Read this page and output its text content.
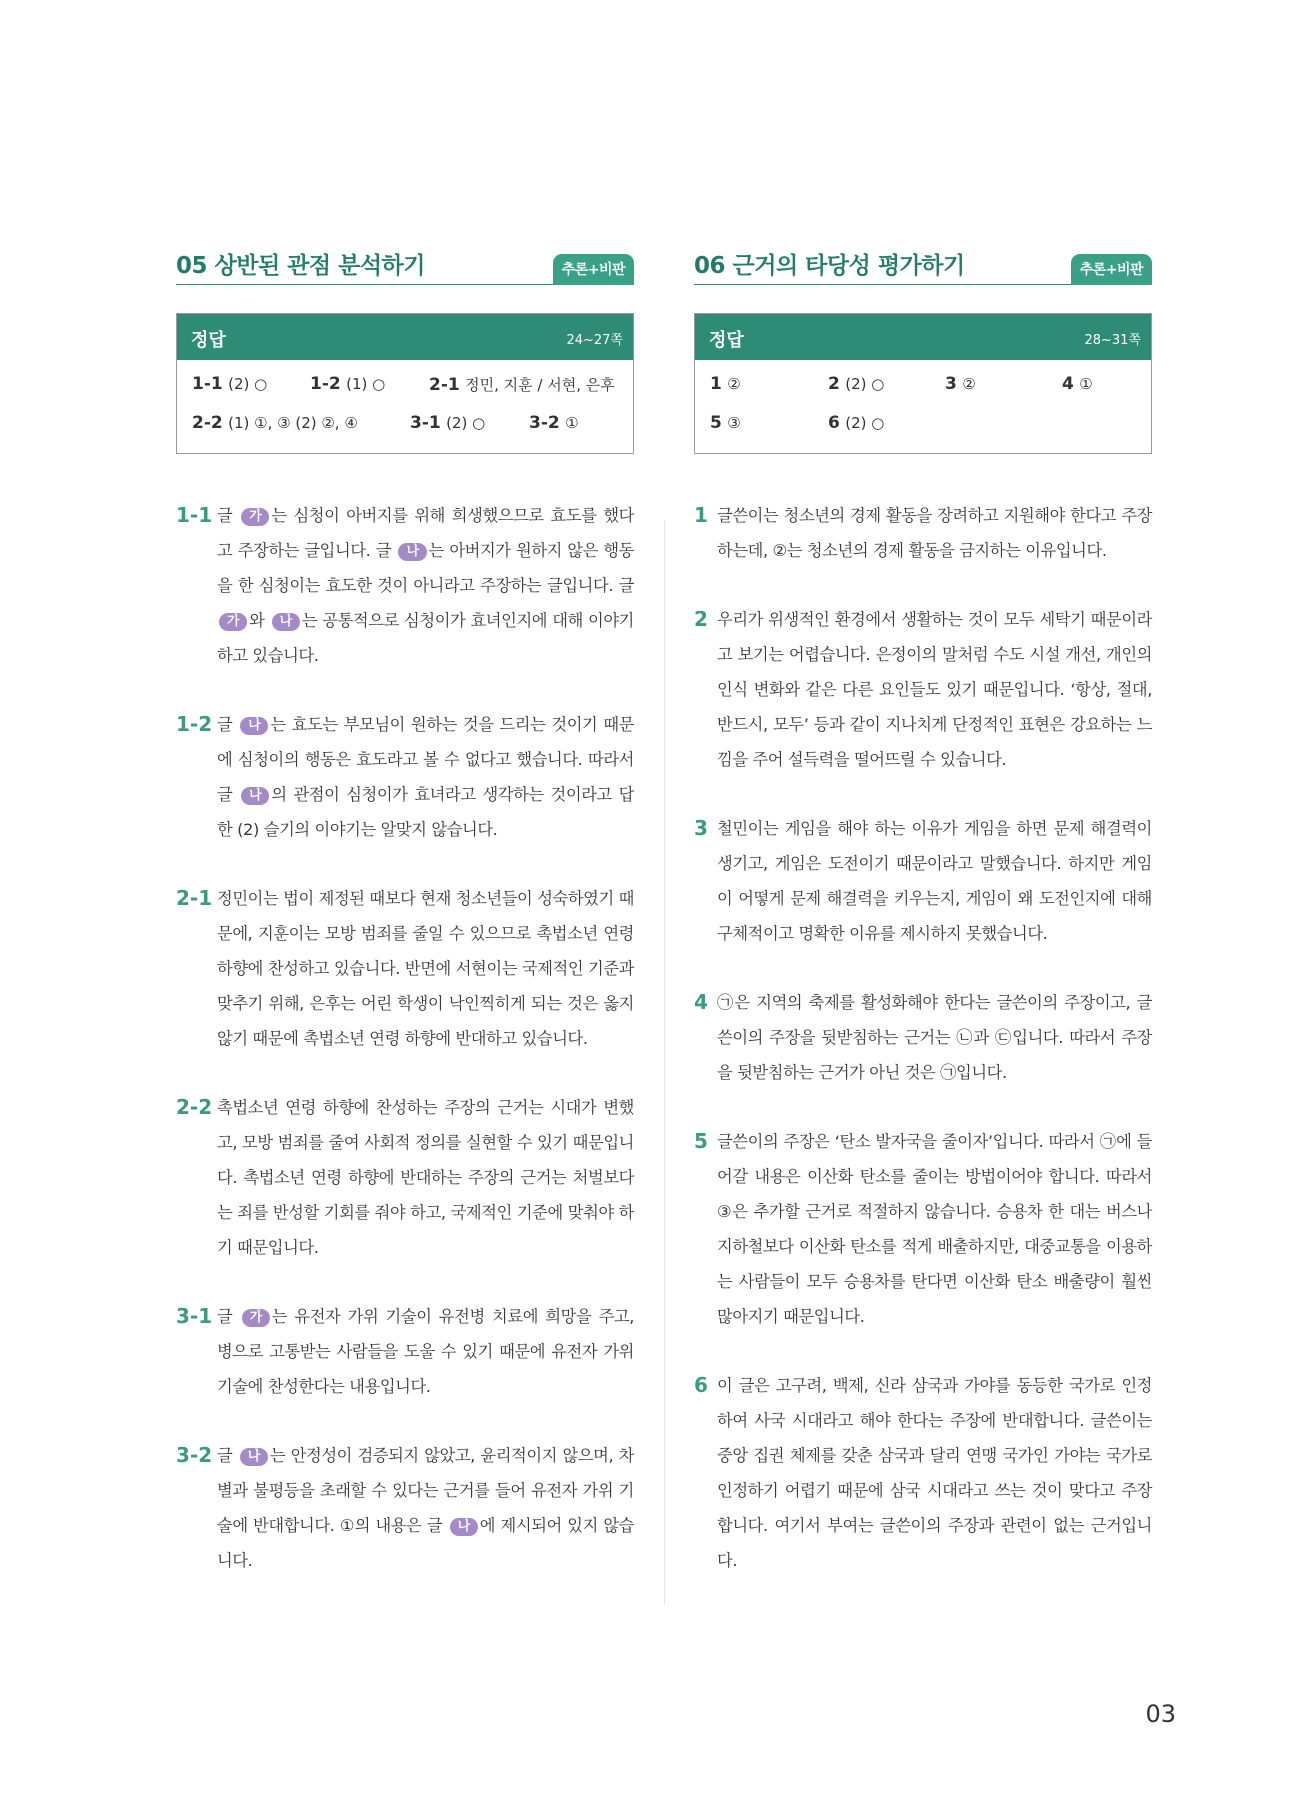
05 상반된 관점 분석하기	추론+비판
정답	24~27쪽
1-1 (2) ○	1-2 (1) ○	2-1 정민, 지훈 / 서현, 은후
2-2 (1) ①, ③ (2) ②, ④	3-1 (2) ○	3-2 ①
1-1 글 가 는 심청이 아버지를 위해 희생했으므로 효도를 했다고 주장하는 글입니다. 글 나 는 아버지가 원하지 않은 행동을 한 심청이는 효도한 것이 아니라고 주장하는 글입니다. 글 가 와 나 는 공통적으로 심청이가 효녀인지에 대해 이야기하고 있습니다.
1-2 글 나 는 효도는 부모님이 원하는 것을 드리는 것이기 때문에 심청이의 행동은 효도라고 볼 수 없다고 했습니다. 따라서 글 나 의 관점이 심청이가 효녀라고 생각하는 것이라고 답한 (2) 슬기의 이야기는 알맞지 않습니다.
2-1 정민이는 법이 제정된 때보다 현재 청소년들이 성숙하였기 때문에, 지훈이는 모방 범죄를 줄일 수 있으므로 촉법소년 연령 하향에 찬성하고 있습니다. 반면에 서현이는 국제적인 기준과 맞추기 위해, 은후는 어린 학생이 낙인찍히게 되는 것은 옳지 않기 때문에 촉법소년 연령 하향에 반대하고 있습니다.
2-2 촉법소년 연령 하향에 찬성하는 주장의 근거는 시대가 변했고, 모방 범죄를 줄여 사회적 정의를 실현할 수 있기 때문입니다. 촉법소년 연령 하향에 반대하는 주장의 근거는 처벌보다는 죄를 반성할 기회를 줘야 하고, 국제적인 기준에 맞춰야 하기 때문입니다.
3-1 글 가 는 유전자 가위 기술이 유전병 치료에 희망을 주고, 병으로 고통받는 사람들을 도울 수 있기 때문에 유전자 가위 기술에 찬성한다는 내용입니다.
3-2 글 나 는 안정성이 검증되지 않았고, 윤리적이지 않으며, 차별과 불평등을 초래할 수 있다는 근거를 들어 유전자 가위 기술에 반대합니다. ①의 내용은 글 나 에 제시되어 있지 않습니다.
06 근거의 타당성 평가하기	추론+비판
정답	28~31쪽
1 ②	2 (2) ○	3 ②	4 ①
5 ③	6 (2) ○
1 글쓴이는 청소년의 경제 활동을 장려하고 지원해야 한다고 주장하는데, ②는 청소년의 경제 활동을 금지하는 이유입니다.
2 우리가 위생적인 환경에서 생활하는 것이 모두 세탁기 때문이라고 보기는 어렵습니다. 은정이의 말처럼 수도 시설 개선, 개인의 인식 변화와 같은 다른 요인들도 있기 때문입니다. ‘항상, 절대, 반드시, 모두’ 등과 같이 지나치게 단정적인 표현은 강요하는 느낌을 주어 설득력을 떨어뜨릴 수 있습니다.
3 철민이는 게임을 해야 하는 이유가 게임을 하면 문제 해결력이 생기고, 게임은 도전이기 때문이라고 말했습니다. 하지만 게임이 어떻게 문제 해결력을 키우는지, 게임이 왜 도전인지에 대해 구체적이고 명확한 이유를 제시하지 못했습니다.
4 ㉠은 지역의 축제를 활성화해야 한다는 글쓴이의 주장이고, 글쓴이의 주장을 뒷받침하는 근거는 ㉡과 ㉢입니다. 따라서 주장을 뒷받침하는 근거가 아닌 것은 ㉠입니다.
5 글쓴이의 주장은 ‘탄소 발자국을 줄이자’입니다. 따라서 ㉠에 들어갈 내용은 이산화 탄소를 줄이는 방법이어야 합니다. 따라서 ③은 추가할 근거로 적절하지 않습니다. 승용차 한 대는 버스나 지하철보다 이산화 탄소를 적게 배출하지만, 대중교통을 이용하는 사람들이 모두 승용차를 탄다면 이산화 탄소 배출량이 훨씬 많아지기 때문입니다.
6 이 글은 고구려, 백제, 신라 삼국과 가야를 동등한 국가로 인정하여 사국 시대라고 해야 한다는 주장에 반대합니다. 글쓴이는 중앙 집권 체제를 갖춘 삼국과 달리 연맹 국가인 가야는 국가로 인정하기 어렵기 때문에 삼국 시대라고 쓰는 것이 맞다고 주장합니다. 여기서 부여는 글쓴이의 주장과 관련이 없는 근거입니다.
03
